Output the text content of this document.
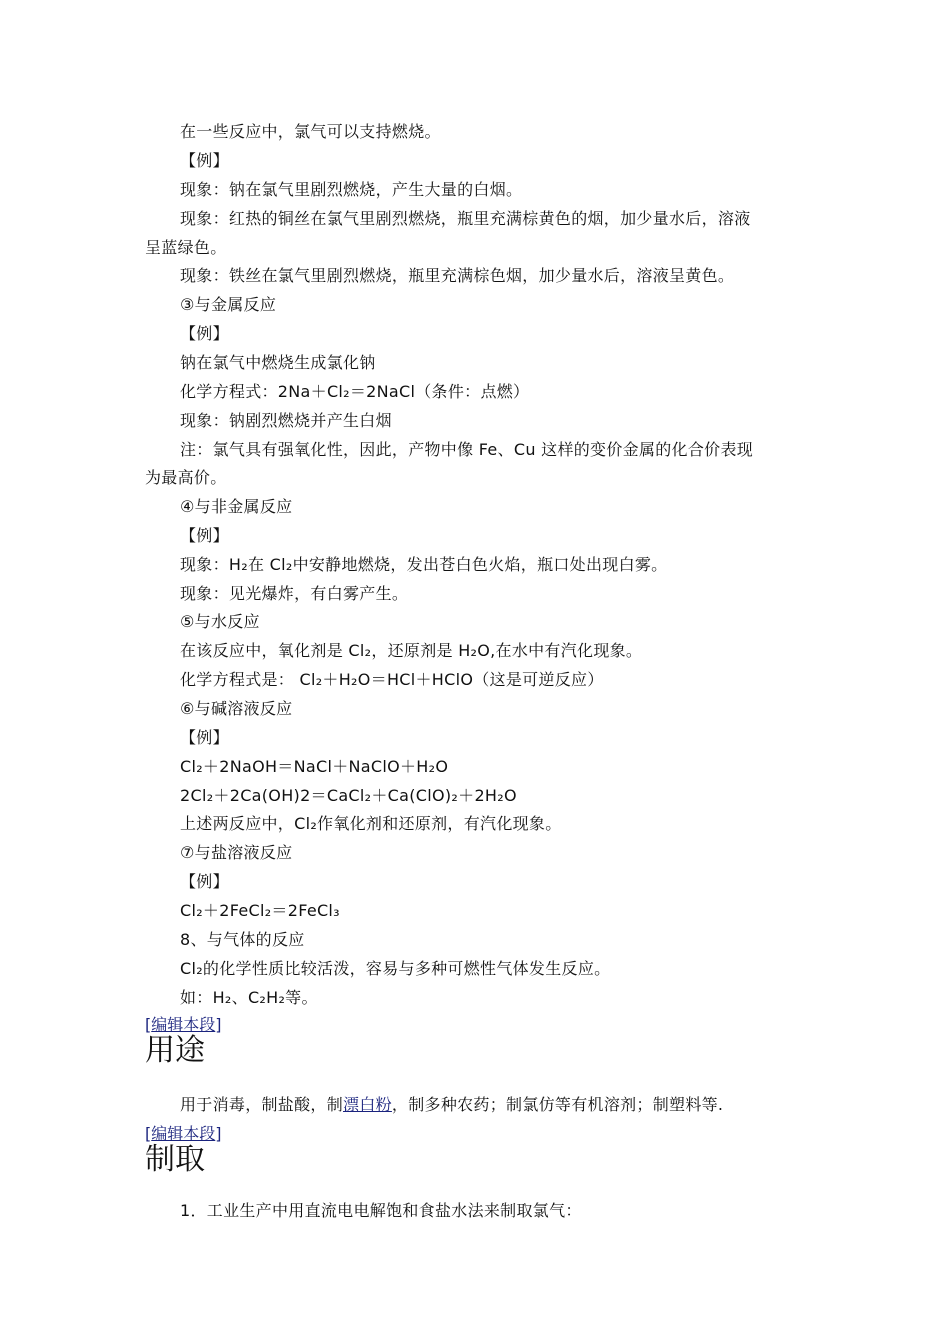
在一些反应中，氯气可以支持燃烧。
【例】
现象：钠在氯气里剧烈燃烧，产生大量的白烟。
现象：红热的铜丝在氯气里剧烈燃烧，瓶里充满棕黄色的烟，加少量水后，溶液
呈蓝绿色。
现象：铁丝在氯气里剧烈燃烧，瓶里充满棕色烟，加少量水后，溶液呈黄色。
③与金属反应
【例】
钠在氯气中燃烧生成氯化钠
化学方程式：2Na＋Cl₂＝2NaCl（条件：点燃）
现象：钠剧烈燃烧并产生白烟
注：氯气具有强氧化性，因此，产物中像 Fe、Cu 这样的变价金属的化合价表现
为最高价。
④与非金属反应
【例】
现象：H₂在 Cl₂中安静地燃烧，发出苍白色火焰，瓶口处出现白雾。
现象：见光爆炸，有白雾产生。
⑤与水反应
在该反应中，氧化剂是 Cl₂，还原剂是 H₂O,在水中有汽化现象。
化学方程式是： Cl₂＋H₂O＝HCl＋HClO（这是可逆反应）
⑥与碱溶液反应
【例】
Cl₂＋2NaOH＝NaCl＋NaClO＋H₂O
2Cl₂＋2Ca(OH)2＝CaCl₂＋Ca(ClO)₂＋2H₂O
上述两反应中，Cl₂作氧化剂和还原剂，有汽化现象。
⑦与盐溶液反应
【例】
Cl₂＋2FeCl₂＝2FeCl₃
8、与气体的反应
Cl₂的化学性质比较活泼，容易与多种可燃性气体发生反应。
如：H₂、C₂H₂等。
[编辑本段]
用途
用于消毒，制盐酸，制漂白粉，制多种农药；制氯仿等有机溶剂；制塑料等.
[编辑本段]
制取
1．工业生产中用直流电电解饱和食盐水法来制取氯气：
